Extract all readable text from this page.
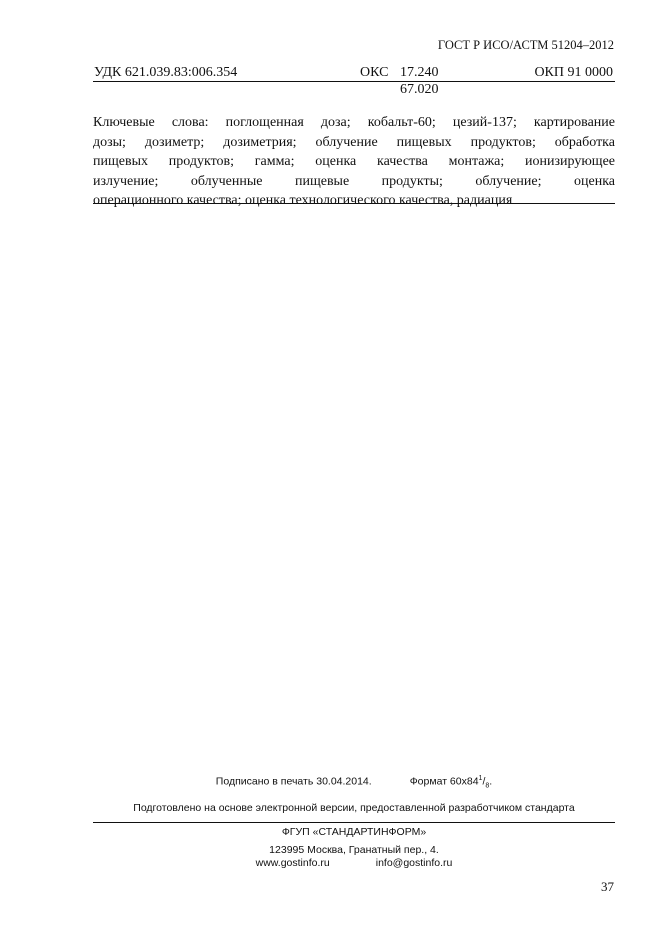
ГОСТ Р ИСО/АСТМ 51204–2012
УДК 621.039.83:006.354	ОКС 17.240
67.020
ОКП 91 0000
Ключевые слова: поглощенная доза; кобальт-60; цезий-137; картирование
дозы; дозиметр; дозиметрия; облучение пищевых продуктов; обработка
пищевых продуктов; гамма; оценка качества монтажа; ионизирующее
излучение; облученные пищевые продукты; облучение; оценка
операционного качества; оценка технологического качества, радиация
Подписано в печать 30.04.2014.	Формат $60x84^1/_8$.
Подготовлено на основе электронной версии, предоставленной разработчиком стандарта
ФГУП «СТАНДАРТИНФОРМ»
123995 Москва, Гранатный пер., 4.
www.gostinfo.ru	info@gostinfo.ru
37
